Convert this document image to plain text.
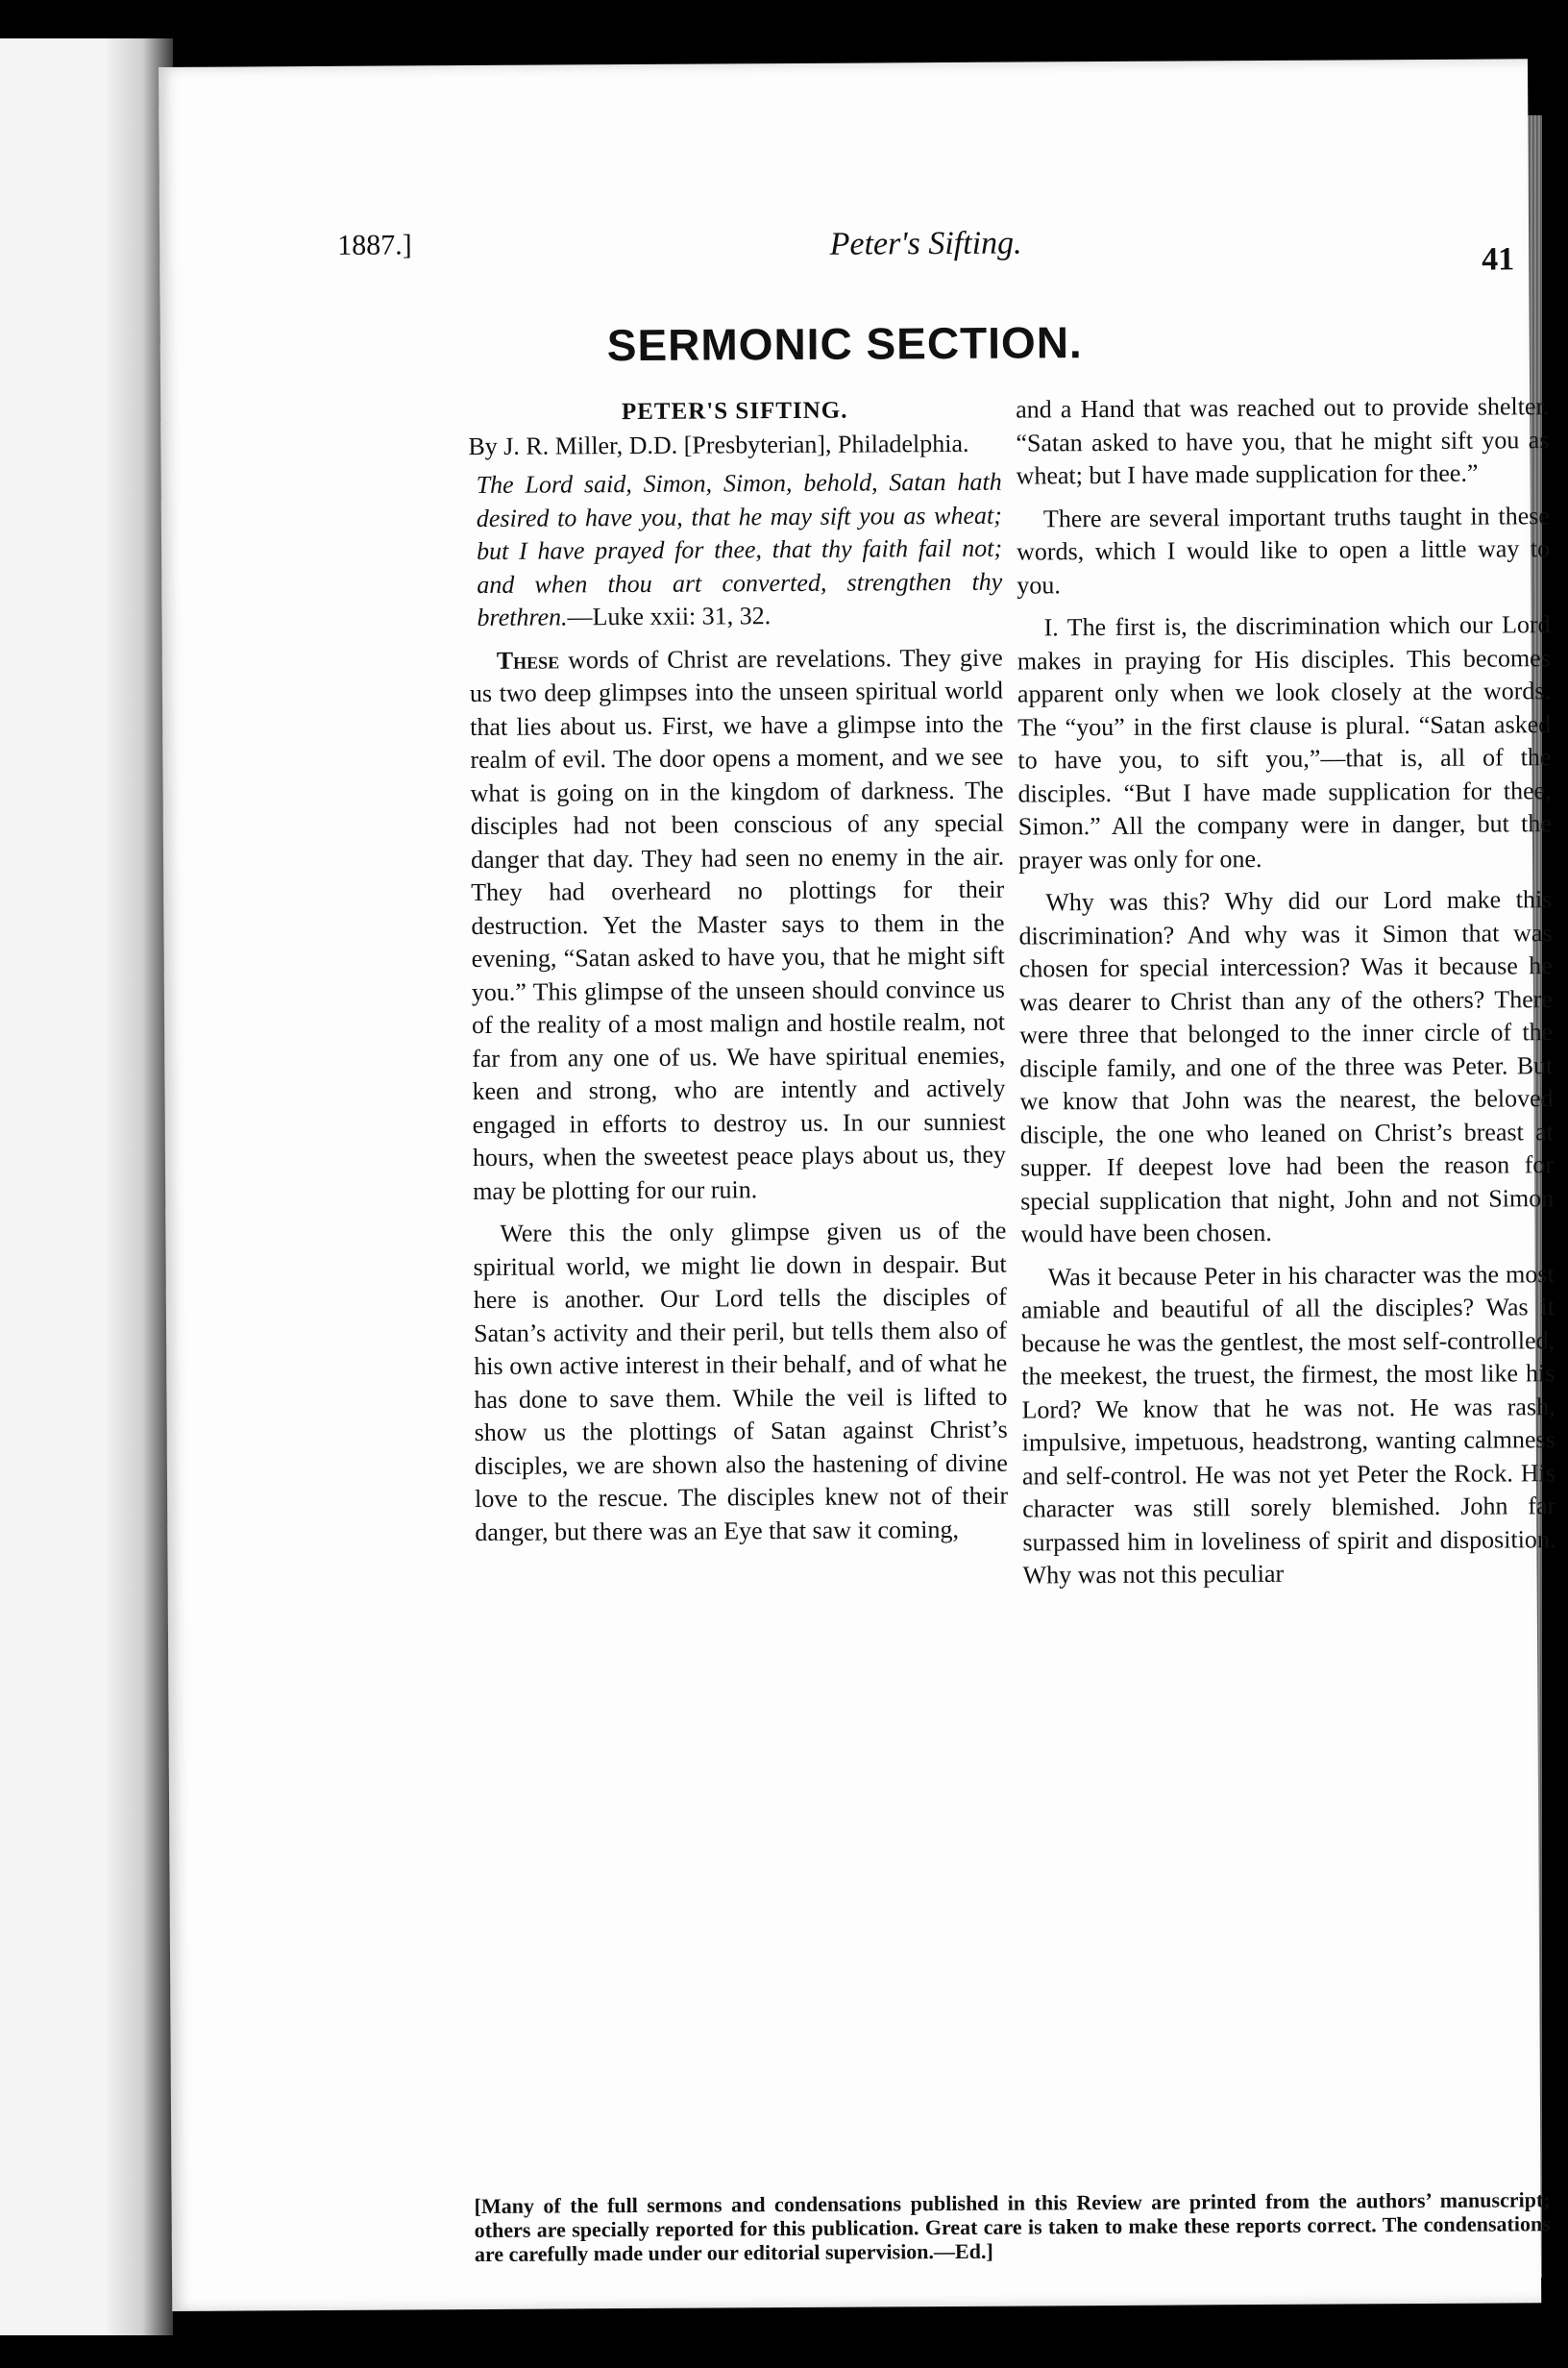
1887.]	Peter's Sifting.	41
SERMONIC SECTION.

PETER'S SIFTING.

By J. R. Miller, D.D. [Presbyterian], Philadelphia.

The Lord said, Simon, Simon, behold, Satan hath desired to have you, that he may sift you as wheat; but I have prayed for thee, that thy faith fail not; and when thou art converted, strengthen thy brethren.—Luke xxii: 31, 32.

These words of Christ are revelations. They give us two deep glimpses into the unseen spiritual world that lies about us. First, we have a glimpse into the realm of evil. The door opens a moment, and we see what is going on in the kingdom of darkness. The disciples had not been conscious of any special danger that day. They had seen no enemy in the air. They had overheard no plottings for their destruction. Yet the Master says to them in the evening, “Satan asked to have you, that he might sift you.” This glimpse of the unseen should convince us of the reality of a most malign and hostile realm, not far from any one of us. We have spiritual enemies, keen and strong, who are intently and actively engaged in efforts to destroy us. In our sunniest hours, when the sweetest peace plays about us, they may be plotting for our ruin.

Were this the only glimpse given us of the spiritual world, we might lie down in despair. But here is another. Our Lord tells the disciples of Satan’s activity and their peril, but tells them also of his own active interest in their behalf, and of what he has done to save them. While the veil is lifted to show us the plottings of Satan against Christ’s disciples, we are shown also the hastening of divine love to the rescue. The disciples knew not of their danger, but there was an Eye that saw it coming,

and a Hand that was reached out to provide shelter. “Satan asked to have you, that he might sift you as wheat; but I have made supplication for thee.”

There are several important truths taught in these words, which I would like to open a little way to you.

I. The first is, the discrimination which our Lord makes in praying for His disciples. This becomes apparent only when we look closely at the words. The “you” in the first clause is plural. “Satan asked to have you, to sift you,”—that is, all of the disciples. “But I have made supplication for thee, Simon.” All the company were in danger, but the prayer was only for one.

Why was this? Why did our Lord make this discrimination? And why was it Simon that was chosen for special intercession? Was it because he was dearer to Christ than any of the others? There were three that belonged to the inner circle of the disciple family, and one of the three was Peter. But we know that John was the nearest, the beloved disciple, the one who leaned on Christ’s breast at supper. If deepest love had been the reason for special supplication that night, John and not Simon would have been chosen.

Was it because Peter in his character was the most amiable and beautiful of all the disciples? Was it because he was the gentlest, the most self-controlled, the meekest, the truest, the firmest, the most like his Lord? We know that he was not. He was rash, impulsive, impetuous, headstrong, wanting calmness and self-control. He was not yet Peter the Rock. His character was still sorely blemished. John far surpassed him in loveliness of spirit and disposition. Why was not this peculiar

[Many of the full sermons and condensations published in this Review are printed from the authors’ manuscript; others are specially reported for this publication. Great care is taken to make these reports correct. The condensations are carefully made under our editorial supervision.—Ed.]
